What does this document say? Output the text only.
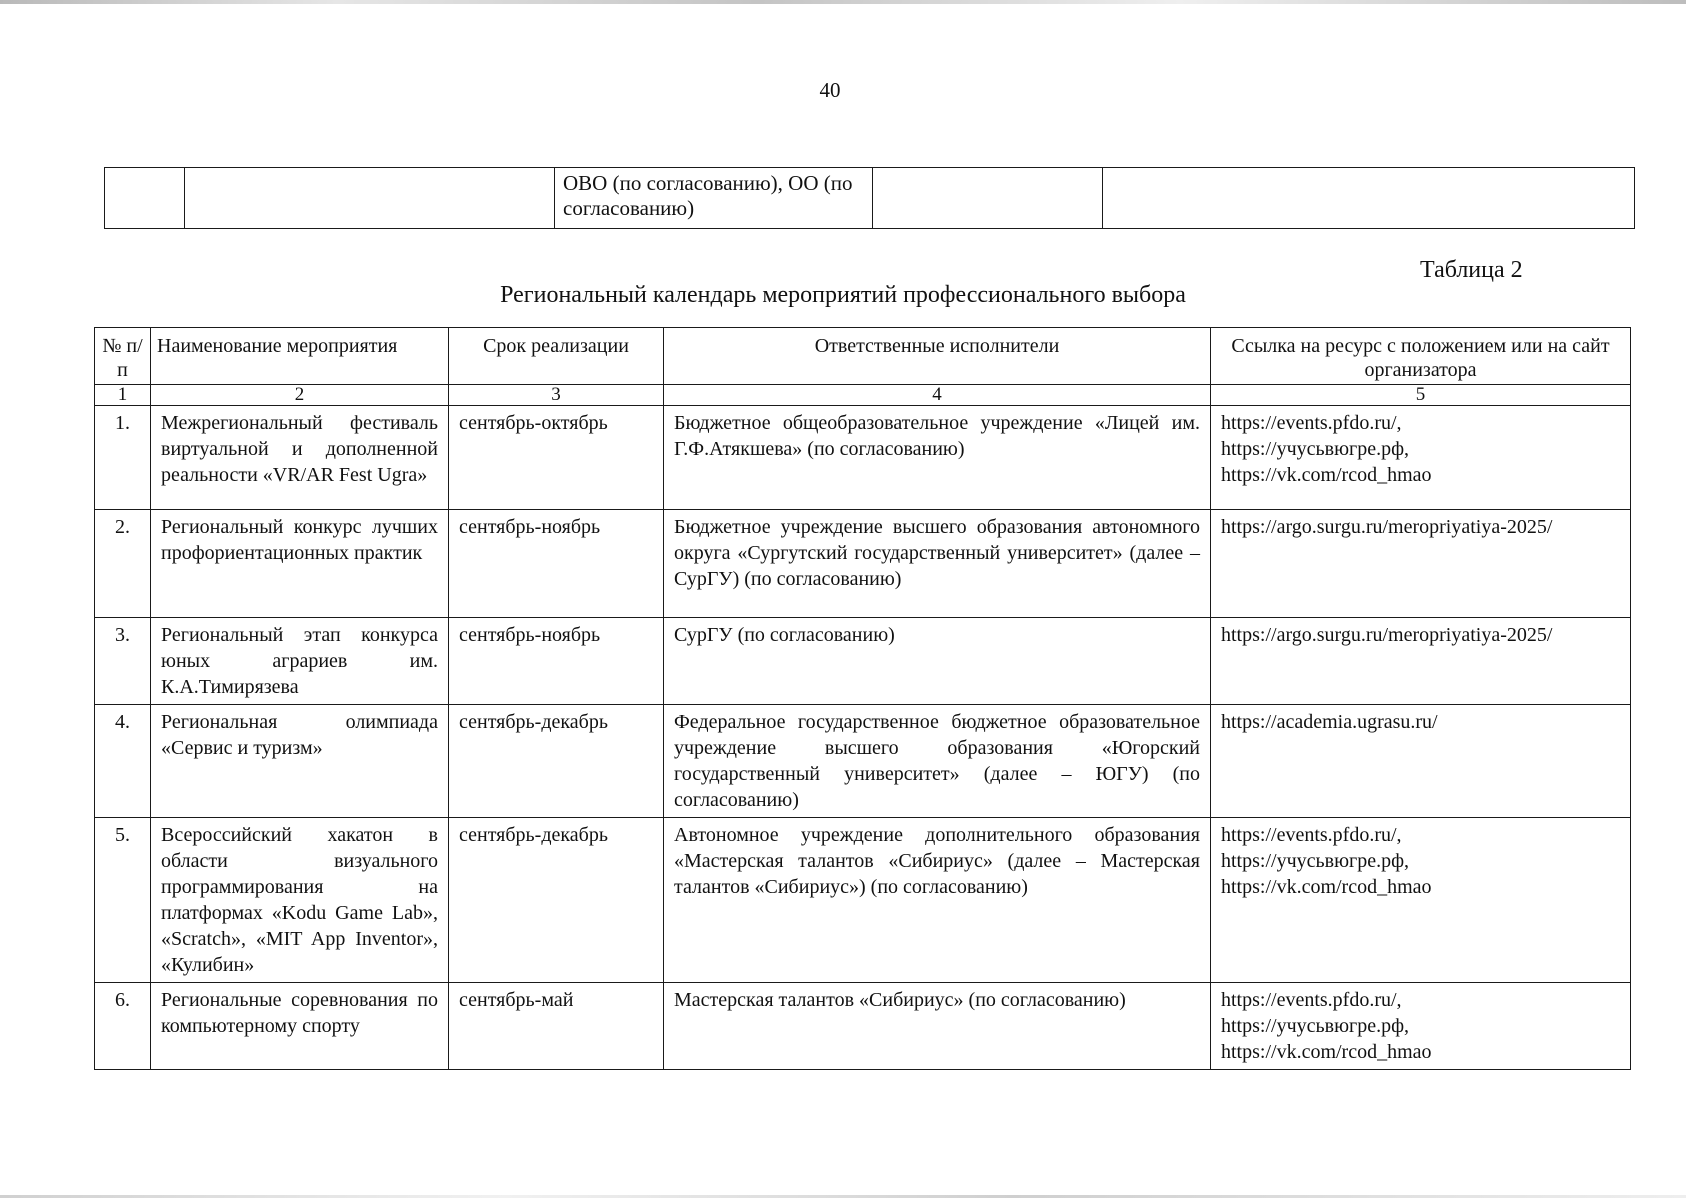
40
		ОВО (по согласованию), ОО (по согласованию)		
Таблица 2
Региональный календарь мероприятий профессионального выбора
№ п/п	Наименование мероприятия	Срок реализации	Ответственные исполнители	Ссылка на ресурс с положением или на сайт организатора
1	2	3	4	5
1.	Межрегиональный фестиваль виртуальной и дополненной реальности «VR/AR Fest Ugra»	сентябрь-октябрь	Бюджетное общеобразовательное учреждение «Лицей им. Г.Ф.Атякшева» (по согласованию)	https://events.pfdo.ru/,
https://учусьвюгре.рф,
https://vk.com/rcod_hmao

2.	Региональный конкурс лучших профориентационных практик	сентябрь-ноябрь	Бюджетное учреждение высшего образования автономного округа «Сургутский государственный университет» (далее – СурГУ) (по согласованию)	https://argo.surgu.ru/meropriyatiya-2025/

3.	Региональный этап конкурса юных аграриев им. К.А.Тимирязева	сентябрь-ноябрь	СурГУ (по согласованию)	https://argo.surgu.ru/meropriyatiya-2025/

4.	Региональная олимпиада «Сервис и туризм»	сентябрь-декабрь	Федеральное государственное бюджетное образовательное учреждение высшего образования «Югорский государственный университет» (далее – ЮГУ) (по согласованию)	https://academia.ugrasu.ru/

5.	Всероссийский хакатон в области визуального программирования на платформах «Kodu Game Lab», «Scratch», «MIT App Inventor», «Кулибин»	сентябрь-декабрь	Автономное учреждение дополнительного образования «Мастерская талантов «Сибириус» (далее – Мастерская талантов «Сибириус») (по согласованию)	https://events.pfdo.ru/,
https://учусьвюгре.рф,
https://vk.com/rcod_hmao

6.	Региональные соревнования по компьютерному спорту	сентябрь-май	Мастерская талантов «Сибириус» (по согласованию)	https://events.pfdo.ru/,
https://учусьвюгре.рф,
https://vk.com/rcod_hmao
